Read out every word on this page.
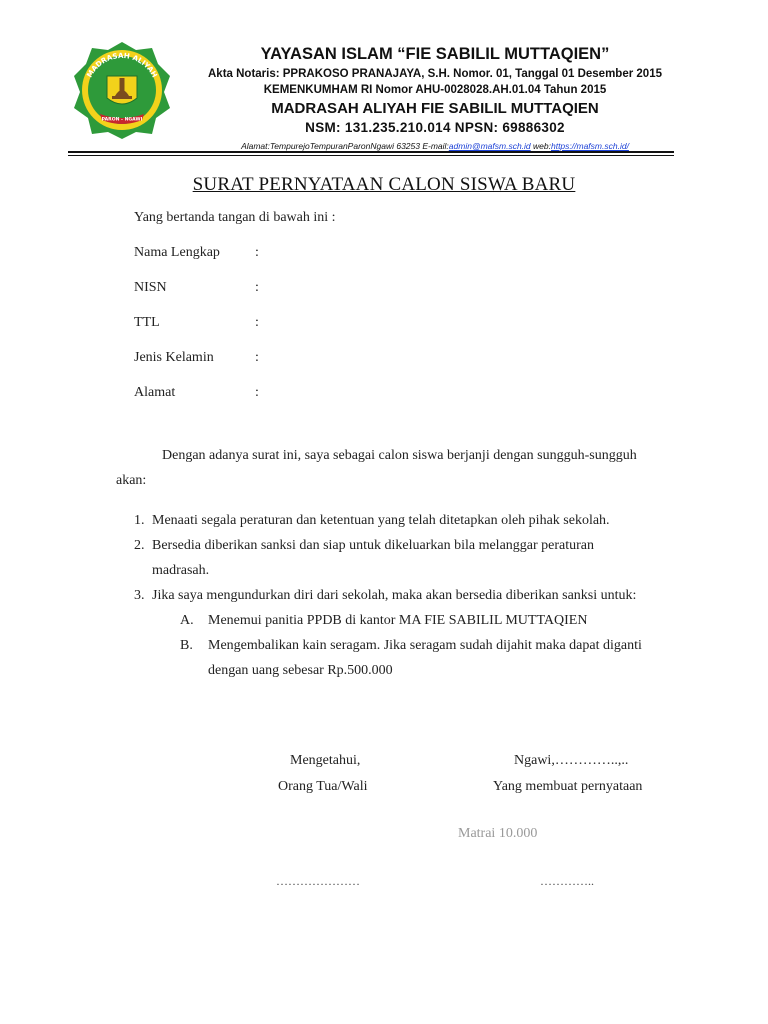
MADRASAH ALIYAH
PARON - NGAWI
YAYASAN ISLAM “FIE SABILIL MUTTAQIEN”
Akta Notaris: PPRAKOSO PRANAJAYA, S.H. Nomor. 01, Tanggal 01 Desember 2015
KEMENKUMHAM RI Nomor AHU-0028028.AH.01.04 Tahun 2015
MADRASAH ALIYAH FIE SABILIL MUTTAQIEN
NSM: 131.235.210.014 NPSN: 69886302
Alamat:TempurejoTempuranParonNgawi 63253 E-mail:admin@mafsm.sch.id web:https://mafsm.sch.id/
SURAT PERNYATAAN CALON SISWA BARU
Yang bertanda tangan di bawah ini :
Nama Lengkap	:
NISN	:
TTL	:
Jenis Kelamin	:
Alamat	:
Dengan adanya surat ini, saya sebagai calon siswa berjanji dengan sungguh-sungguh
akan:
1. Menaati segala peraturan dan ketentuan yang telah ditetapkan oleh pihak sekolah.
2. Bersedia diberikan sanksi dan siap untuk dikeluarkan bila melanggar peraturan
madrasah.
3. Jika saya mengundurkan diri dari sekolah, maka akan bersedia diberikan sanksi untuk:
A. Menemui panitia PPDB di kantor MA FIE SABILIL MUTTAQIEN
B. Mengembalikan kain seragam. Jika seragam sudah dijahit maka dapat diganti
dengan uang sebesar Rp.500.000
Mengetahui,
Orang Tua/Wali
Ngawi,…………..,..
Yang membuat pernyataan
Matrai 10.000
…………………	…………..
